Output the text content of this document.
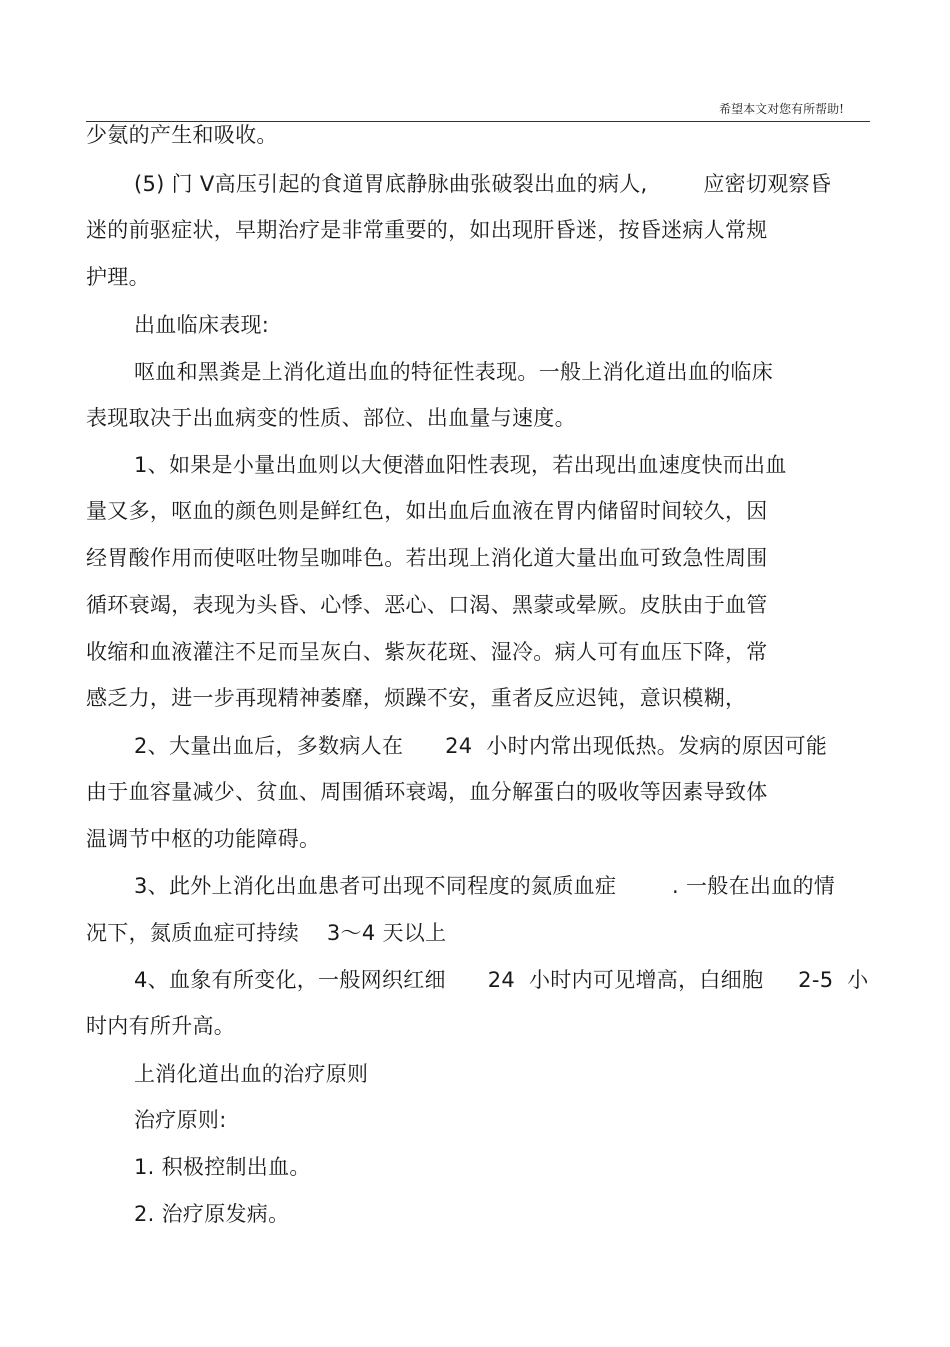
希望本文对您有所帮助!
少氨的产生和吸收。
(5) 门 V高压引起的食道胃底静脉曲张破裂出血的病人,        应密切观察昏
迷的前驱症状，早期治疗是非常重要的，如出现肝昏迷，按昏迷病人常规
护理。
出血临床表现:
呕血和黑粪是上消化道出血的特征性表现。一般上消化道出血的临床
表现取决于出血病变的性质、部位、出血量与速度。
1、如果是小量出血则以大便潜血阳性表现，若出现出血速度快而出血
量又多，呕血的颜色则是鲜红色，如出血后血液在胃内储留时间较久，因
经胃酸作用而使呕吐物呈咖啡色。若出现上消化道大量出血可致急性周围
循环衰竭，表现为头昏、心悸、恶心、口渴、黑蒙或晕厥。皮肤由于血管
收缩和血液灌注不足而呈灰白、紫灰花斑、湿冷。病人可有血压下降，常
感乏力，进一步再现精神萎靡，烦躁不安，重者反应迟钝，意识模糊，
2、大量出血后，多数病人在      24  小时内常出现低热。发病的原因可能
由于血容量减少、贫血、周围循环衰竭，血分解蛋白的吸收等因素导致体
温调节中枢的功能障碍。
3、此外上消化出血患者可出现不同程度的氮质血症        . 一般在出血的情
况下，氮质血症可持续    3～4 天以上
4、血象有所变化，一般网织红细      24  小时内可见增高，白细胞     2-5  小
时内有所升高。
上消化道出血的治疗原则
治疗原则:
1. 积极控制出血。
2. 治疗原发病。
